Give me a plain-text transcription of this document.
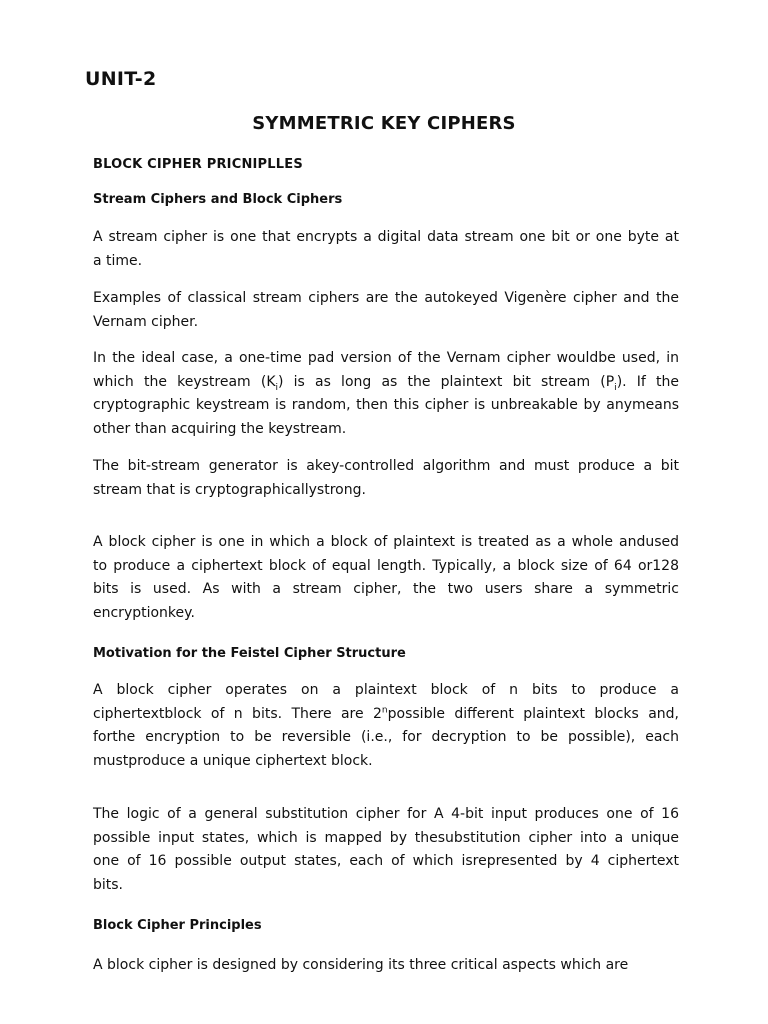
UNIT-2
SYMMETRIC KEY CIPHERS
BLOCK CIPHER PRICNIPLLES
Stream Ciphers and Block Ciphers
A stream cipher is one that encrypts a digital data stream one bit or one byte at
a time.
Examples of classical stream ciphers are the autokeyed Vigenère cipher and the
Vernam cipher.
In the ideal case, a one-time pad version of the Vernam cipher wouldbe used, in
which the keystream $(K_i)$ is as long as the plaintext bit stream $(P_i)$. If the
cryptographic keystream is random, then this cipher is unbreakable by anymeans
other than acquiring the keystream.
The bit-stream generator is akey-controlled algorithm and must produce a bit
stream that is cryptographicallystrong.
A block cipher is one in which a block of plaintext is treated as a whole andused
to produce a ciphertext block of equal length. Typically, a block size of 64 or128
bits is used. As with a stream cipher, the two users share a symmetric
encryptionkey.
Motivation for the Feistel Cipher Structure
A block cipher operates on a plaintext block of n bits to produce a
ciphertextblock of n bits. There are 2$^n$possible different plaintext blocks and,
forthe encryption to be reversible (i.e., for decryption to be possible), each
mustproduce a unique ciphertext block.
The logic of a general substitution cipher for A 4-bit input produces one of 16
possible input states, which is mapped by thesubstitution cipher into a unique
one of 16 possible output states, each of which isrepresented by 4 ciphertext
bits.
Block Cipher Principles
A block cipher is designed by considering its three critical aspects which are
